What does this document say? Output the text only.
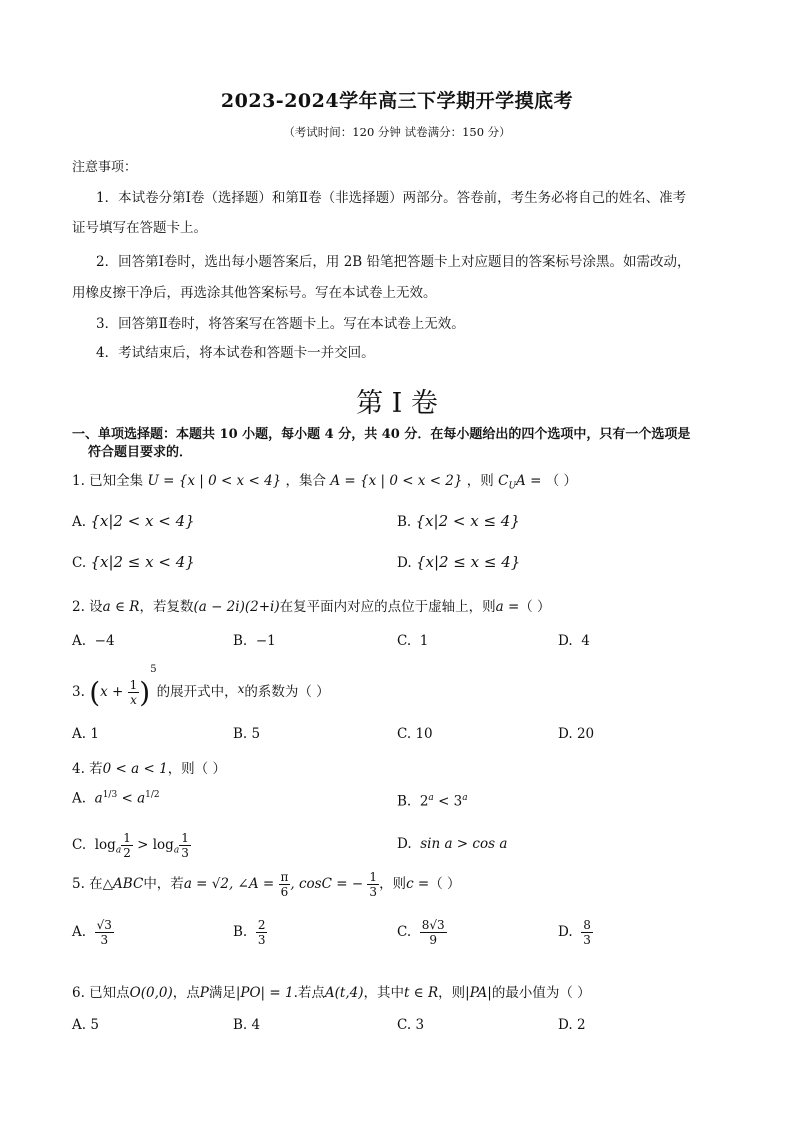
2023-2024学年高三下学期开学摸底考
（考试时间：120 分钟 试卷满分：150 分）
注意事项：
1．本试卷分第Ⅰ卷（选择题）和第Ⅱ卷（非选择题）两部分。答卷前，考生务必将自己的姓名、准考
证号填写在答题卡上。
2．回答第Ⅰ卷时，选出每小题答案后，用 2B 铅笔把答题卡上对应题目的答案标号涂黑。如需改动，
用橡皮擦干净后，再选涂其他答案标号。写在本试卷上无效。
3．回答第Ⅱ卷时，将答案写在答题卡上。写在本试卷上无效。
4．考试结束后，将本试卷和答题卡一并交回。
第 I 卷
一、单项选择题：本题共 10 小题，每小题 4 分，共 40 分．在每小题给出的四个选项中，只有一个选项是
符合题目要求的．
1. 已知全集 U = {x | 0 < x < 4} ，集合 A = {x | 0 < x < 2} ，则 $C_UA$ = （ ）
A. {x|2 < x < 4}	B. {x|2 < x ≤ 4}
C. {x|2 ≤ x < 4}	D. {x|2 ≤ x ≤ 4}
2. 设a ∈ R，若复数(a − 2i)(2+i)在复平面内对应的点位于虚轴上，则a =（ ）
A. −4	B. −1	C. 1	D. 4
3. $(x + \frac{1}{x} )^5$的展开式中，x的系数为（ ）
A. 1	B. 5	C. 10	D. 20
4. 若0 < a < 1，则（ ）
A. $a^{1/3} < a^{1/2}$	B. $2^a < 3^a$
C. $\log_a \frac{1}{2} > \log_a \frac{1}{3}$	D. sin a > cos a
5. 在△ABC中，若a = √2, ∠A = $\frac{\pi}{6}$ , cosC = − $\frac{1}{3}$ ，则c =（ ）
A. $\frac{√3}{3}$	B. $\frac{2}{3}$	C. $\frac{8√3}{9}$	D. $\frac{8}{3}$
6. 已知点O(0,0)，点P满足|PO| = 1.若点A(t,4)，其中t ∈ R，则|PA|的最小值为（ ）
A. 5	B. 4	C. 3	D. 2
